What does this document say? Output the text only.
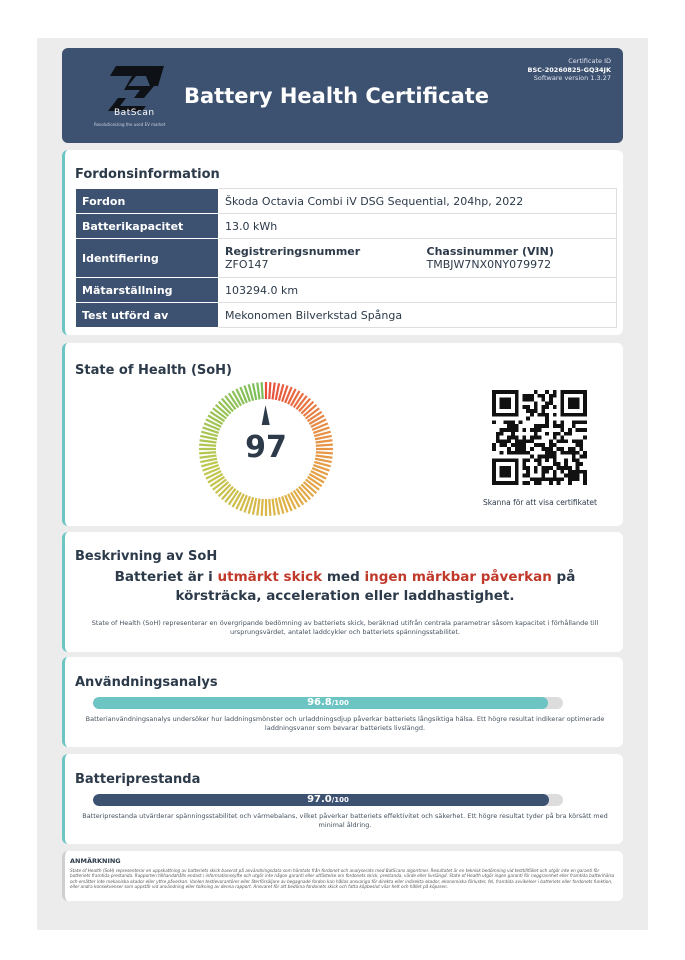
BatScan
Revolutionizing the used EV market
Battery Health Certificate
Certificate ID
BSC-20260825-GQ34JK
Software version 1.3.27
Fordonsinformation
Fordon	Škoda Octavia Combi iV DSG Sequential, 204hp, 2022
Batterikapacitet	13.0 kWh
Identifiering	Registreringsnummer
ZFO147
Chassinummer (VIN)
TMBJW7NX0NY079972
Mätarställning	103294.0 km
Test utförd av	Mekonomen Bilverkstad Spånga
State of Health (SoH)
97
Skanna för att visa certifikatet
Beskrivning av SoH
Batteriet är i utmärkt skick med ingen märkbar påverkan på körsträcka, acceleration eller laddhastighet.
State of Health (SoH) representerar en övergripande bedömning av batteriets skick, beräknad utifrån centrala parametrar såsom kapacitet i förhållande till ursprungsvärdet, antalet laddcykler och batteriets spänningsstabilitet.
Användningsanalys
96.8/100
Batterianvändningsanalys undersöker hur laddningsmönster och urladdningsdjup påverkar batteriets långsiktiga hälsa. Ett högre resultat indikerar optimerade laddningsvanor som bevarar batteriets livslängd.
Batteriprestanda
97.0/100
Batteriprestanda utvärderar spänningsstabilitet och värmebalans, vilket påverkar batteriets effektivitet och säkerhet. Ett högre resultat tyder på bra körsätt med minimal åldring.
ANMÄRKNING
State of Health (SoH) representerar en uppskattning av batteriets skick baserat på användningsdata som hämtats från fordonet och analyserats med BatScans algoritmer. Resultatet är en teknisk bedömning vid testtillfället och utgör inte en garanti för batteriets framtida prestanda. Rapporten tillhandahålls endast i informationssyfte och utgör inte någon garanti eller utfästelse om fordonets skick, prestanda, värde eller livslängd. State of Health utgör ingen garanti för noggrannhet eller framtida batterihälsa och ersätter inte mekaniska skador eller yttre påverkan. Vanlen testlevorantörer eller återförsäljare av begagnade fordon kan hållas ansvariga för direkta eller indirekta skador, ekonomiska förluster, fel, framtida avvikelser i batteriets eller fordonets funktion, eller andra konsekvenser som uppstår vid användning eller tolkning av denna rapport. Ansvaret för att bedöma fordonets skick och fatta köpbeslut vilar helt och hållet på köparen.
